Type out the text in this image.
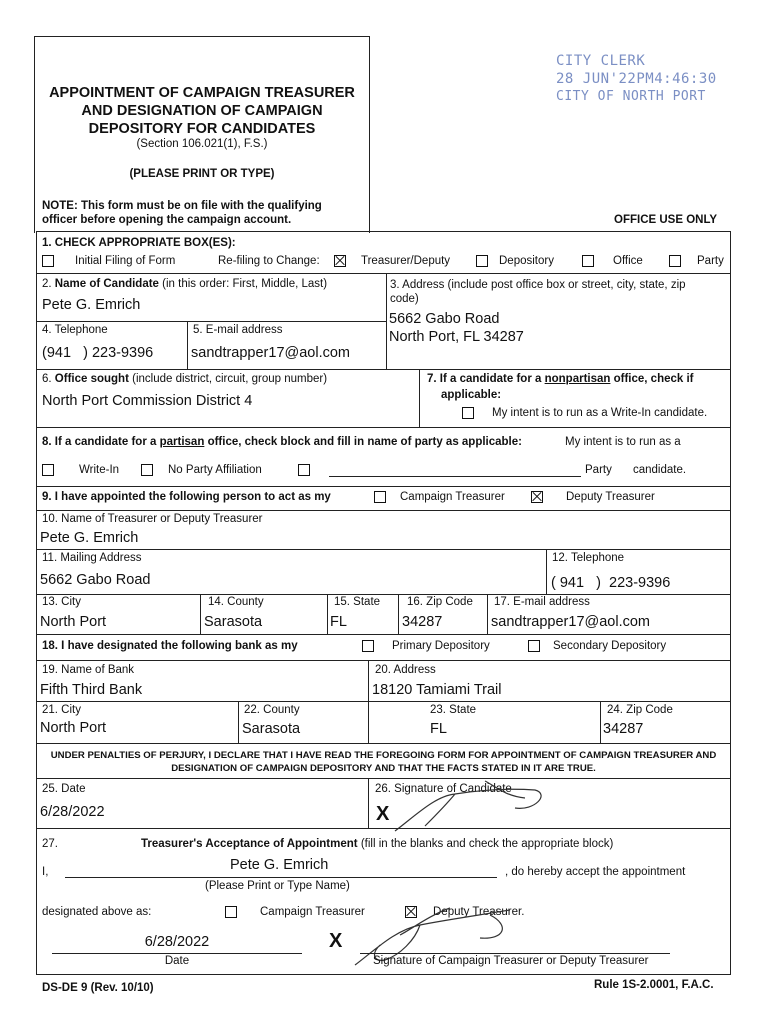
APPOINTMENT OF CAMPAIGN TREASURER
AND DESIGNATION OF CAMPAIGN
DEPOSITORY FOR CANDIDATES
(Section 106.021(1), F.S.)
(PLEASE PRINT OR TYPE)
NOTE: This form must be on file with the qualifying
officer before opening the campaign account.	OFFICE USE ONLY
CITY CLERK
28 JUN'22PM4:46:30
CITY OF NORTH PORT
1. CHECK APPROPRIATE BOX(ES):
Initial Filing of Form	Re-filing to Change:	Treasurer/Deputy	Depository	Office	Party
2. Name of Candidate (in this order: First, Middle, Last)
Pete G. Emrich
3. Address (include post office box or street, city, state, zip
code)
5662 Gabo Road
North Port, FL 34287
4. Telephone
(941   ) 223-9396
5. E-mail address
sandtrapper17@aol.com
6. Office sought (include district, circuit, group number)
North Port Commission District 4
7. If a candidate for a nonpartisan office, check if
applicable:
My intent is to run as a Write-In candidate.
8. If a candidate for a partisan office, check block and fill in name of party as applicable:	My intent is to run as a
Write-In	No Party Affiliation	Party candidate.
9. I have appointed the following person to act as my	Campaign Treasurer	Deputy Treasurer
10. Name of Treasurer or Deputy Treasurer
Pete G. Emrich
11. Mailing Address
5662 Gabo Road
12. Telephone
( 941   )  223-9396
13. City
North Port
14. County
Sarasota
15. State
FL
16. Zip Code
34287
17. E-mail address
sandtrapper17@aol.com
18. I have designated the following bank as my	Primary Depository	Secondary Depository
19. Name of Bank
Fifth Third Bank
20. Address
18120 Tamiami Trail
21. City
North Port
22. County
Sarasota
23. State
FL
24. Zip Code
34287
UNDER PENALTIES OF PERJURY, I DECLARE THAT I HAVE READ THE FOREGOING FORM FOR APPOINTMENT OF CAMPAIGN TREASURER AND
DESIGNATION OF CAMPAIGN DEPOSITORY AND THAT THE FACTS STATED IN IT ARE TRUE.
25. Date
6/28/2022
26. Signature of Candidate
X
27.	Treasurer's Acceptance of Appointment (fill in the blanks and check the appropriate block)
I,	Pete G. Emrich	, do hereby accept the appointment
(Please Print or Type Name)
designated above as:	Campaign Treasurer	Deputy Treasurer.
6/28/2022
Date
X
Signature of Campaign Treasurer or Deputy Treasurer
DS-DE 9 (Rev. 10/10)	Rule 1S-2.0001, F.A.C.
